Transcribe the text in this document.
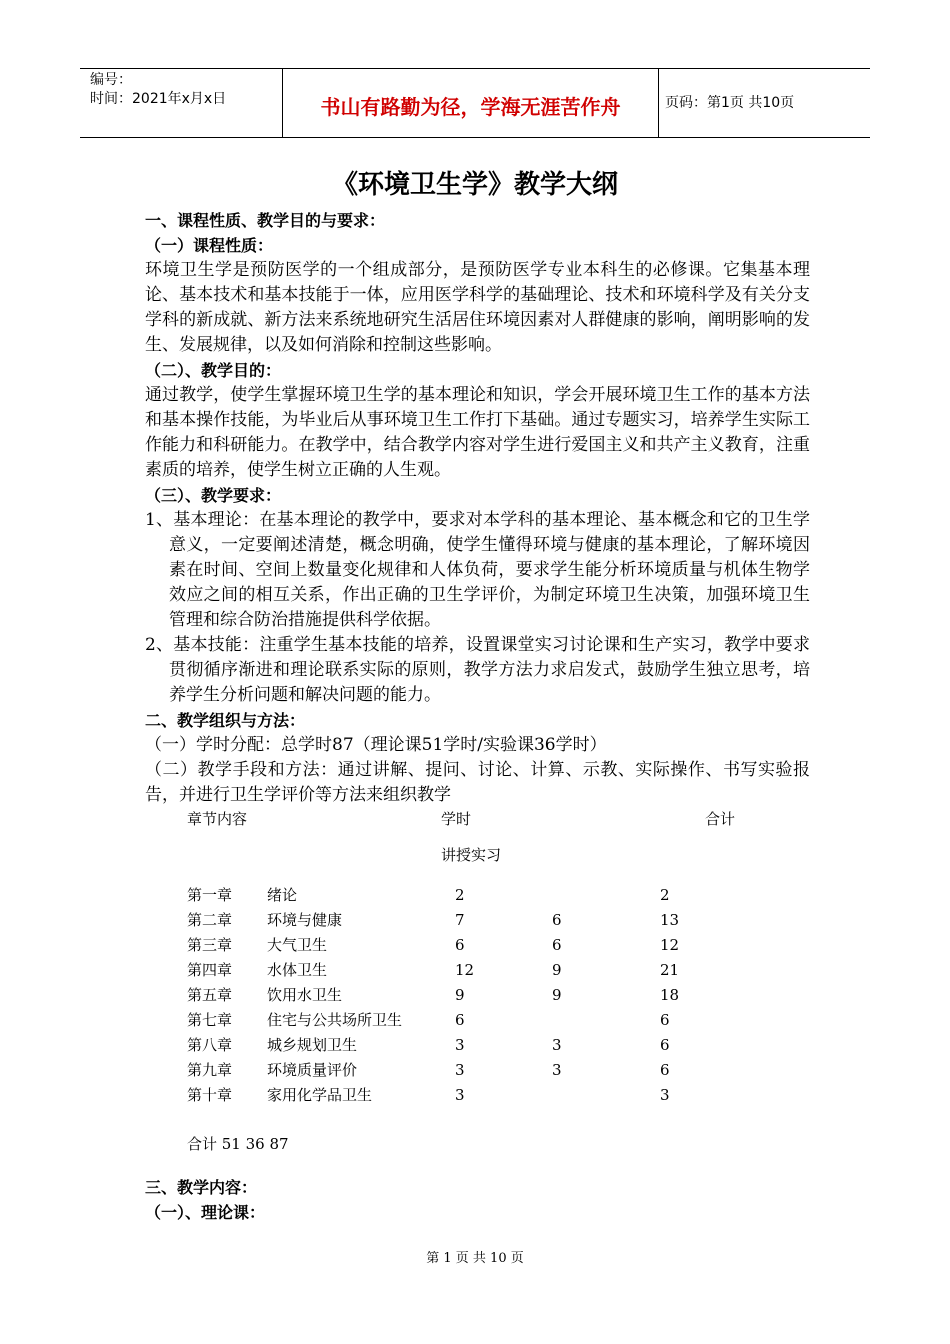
编号：
时间：2021年x月x日	书山有路勤为径，学海无涯苦作舟	页码：第1页 共10页
《环境卫生学》教学大纲
一、课程性质、教学目的与要求：
（一）课程性质：
环境卫生学是预防医学的一个组成部分，是预防医学专业本科生的必修课。它集基本理论、基本技术和基本技能于一体，应用医学科学的基础理论、技术和环境科学及有关分支学科的新成就、新方法来系统地研究生活居住环境因素对人群健康的影响，阐明影响的发生、发展规律，以及如何消除和控制这些影响。
（二）、教学目的：
通过教学，使学生掌握环境卫生学的基本理论和知识，学会开展环境卫生工作的基本方法和基本操作技能，为毕业后从事环境卫生工作打下基础。通过专题实习，培养学生实际工作能力和科研能力。在教学中，结合教学内容对学生进行爱国主义和共产主义教育，注重素质的培养，使学生树立正确的人生观。
（三）、教学要求：
1、基本理论：在基本理论的教学中，要求对本学科的基本理论、基本概念和它的卫生学意义，一定要阐述清楚，概念明确，使学生懂得环境与健康的基本理论，了解环境因素在时间、空间上数量变化规律和人体负荷，要求学生能分析环境质量与机体生物学效应之间的相互关系，作出正确的卫生学评价，为制定环境卫生决策，加强环境卫生管理和综合防治措施提供科学依据。
2、基本技能：注重学生基本技能的培养，设置课堂实习讨论课和生产实习，教学中要求贯彻循序渐进和理论联系实际的原则，教学方法力求启发式，鼓励学生独立思考，培养学生分析问题和解决问题的能力。
二、教学组织与方法：
（一）学时分配：总学时87（理论课51学时/实验课36学时）
（二）教学手段和方法：通过讲解、提问、讨论、计算、示教、实际操作、书写实验报告，并进行卫生学评价等方法来组织教学
章节内容	学时	合计
讲授实习
第一章	绪论	2		2
第二章	环境与健康	7	6	13
第三章	大气卫生	6	6	12
第四章	水体卫生	12	9	21
第五章	饮用水卫生	9	9	18
第七章	住宅与公共场所卫生	6		6
第八章	城乡规划卫生	3	3	6
第九章	环境质量评价	3	3	6
第十章	家用化学品卫生	3		3
合计 51 36 87
三、教学内容：
（一）、理论课：
第 1 页 共 10 页
